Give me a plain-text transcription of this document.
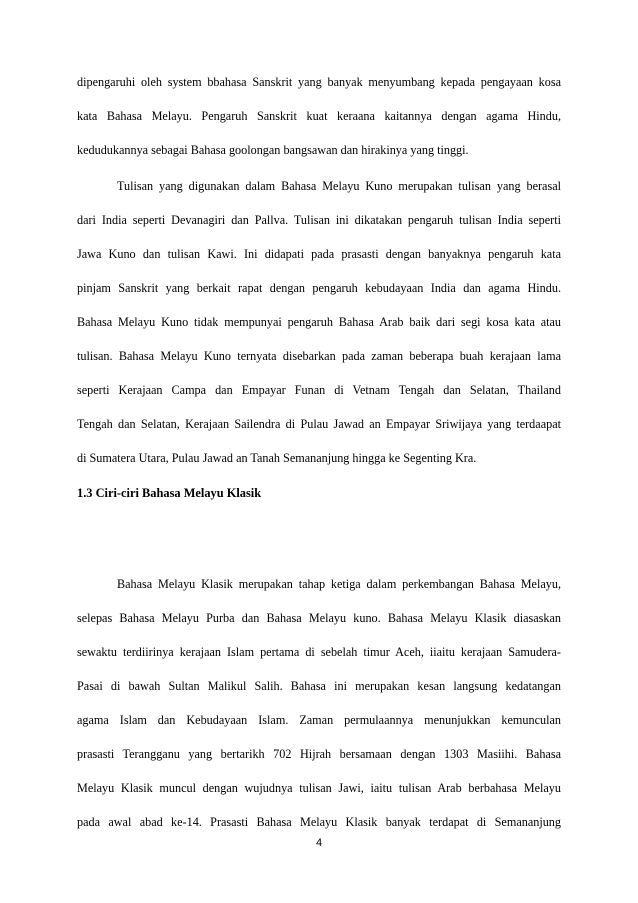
dipengaruhi oleh system bbahasa Sanskrit yang banyak menyumbang kepada pengayaan kosa
kata Bahasa Melayu. Pengaruh Sanskrit kuat keraana kaitannya dengan agama Hindu,
kedudukannya sebagai Bahasa goolongan bangsawan dan hirakinya yang tinggi.
Tulisan yang digunakan dalam Bahasa Melayu Kuno merupakan tulisan yang berasal
dari India seperti Devanagiri dan Pallva. Tulisan ini dikatakan pengaruh tulisan India seperti
Jawa Kuno dan tulisan Kawi. Ini didapati pada prasasti dengan banyaknya pengaruh kata
pinjam Sanskrit yang berkait rapat dengan pengaruh kebudayaan India dan agama Hindu.
Bahasa Melayu Kuno tidak mempunyai pengaruh Bahasa Arab baik dari segi kosa kata atau
tulisan. Bahasa Melayu Kuno ternyata disebarkan pada zaman beberapa buah kerajaan lama
seperti Kerajaan Campa dan Empayar Funan di Vetnam Tengah dan Selatan, Thailand
Tengah dan Selatan, Kerajaan Sailendra di Pulau Jawad an Empayar Sriwijaya yang terdaapat
di Sumatera Utara, Pulau Jawad an Tanah Semananjung hingga ke Segenting Kra.
1.3 Ciri-ciri Bahasa Melayu Klasik
Bahasa Melayu Klasik merupakan tahap ketiga dalam perkembangan Bahasa Melayu,
selepas Bahasa Melayu Purba dan Bahasa Melayu kuno. Bahasa Melayu Klasik diasaskan
sewaktu terdiirinya kerajaan Islam pertama di sebelah timur Aceh, iiaitu kerajaan Samudera-
Pasai di bawah Sultan Malikul Salih. Bahasa ini merupakan kesan langsung kedatangan
agama Islam dan Kebudayaan Islam. Zaman permulaannya menunjukkan kemunculan
prasasti Terangganu yang bertarikh 702 Hijrah bersamaan dengan 1303 Masiihi. Bahasa
Melayu Klasik muncul dengan wujudnya tulisan Jawi, iaitu tulisan Arab berbahasa Melayu
pada awal abad ke-14. Prasasti Bahasa Melayu Klasik banyak terdapat di Semananjung
4
